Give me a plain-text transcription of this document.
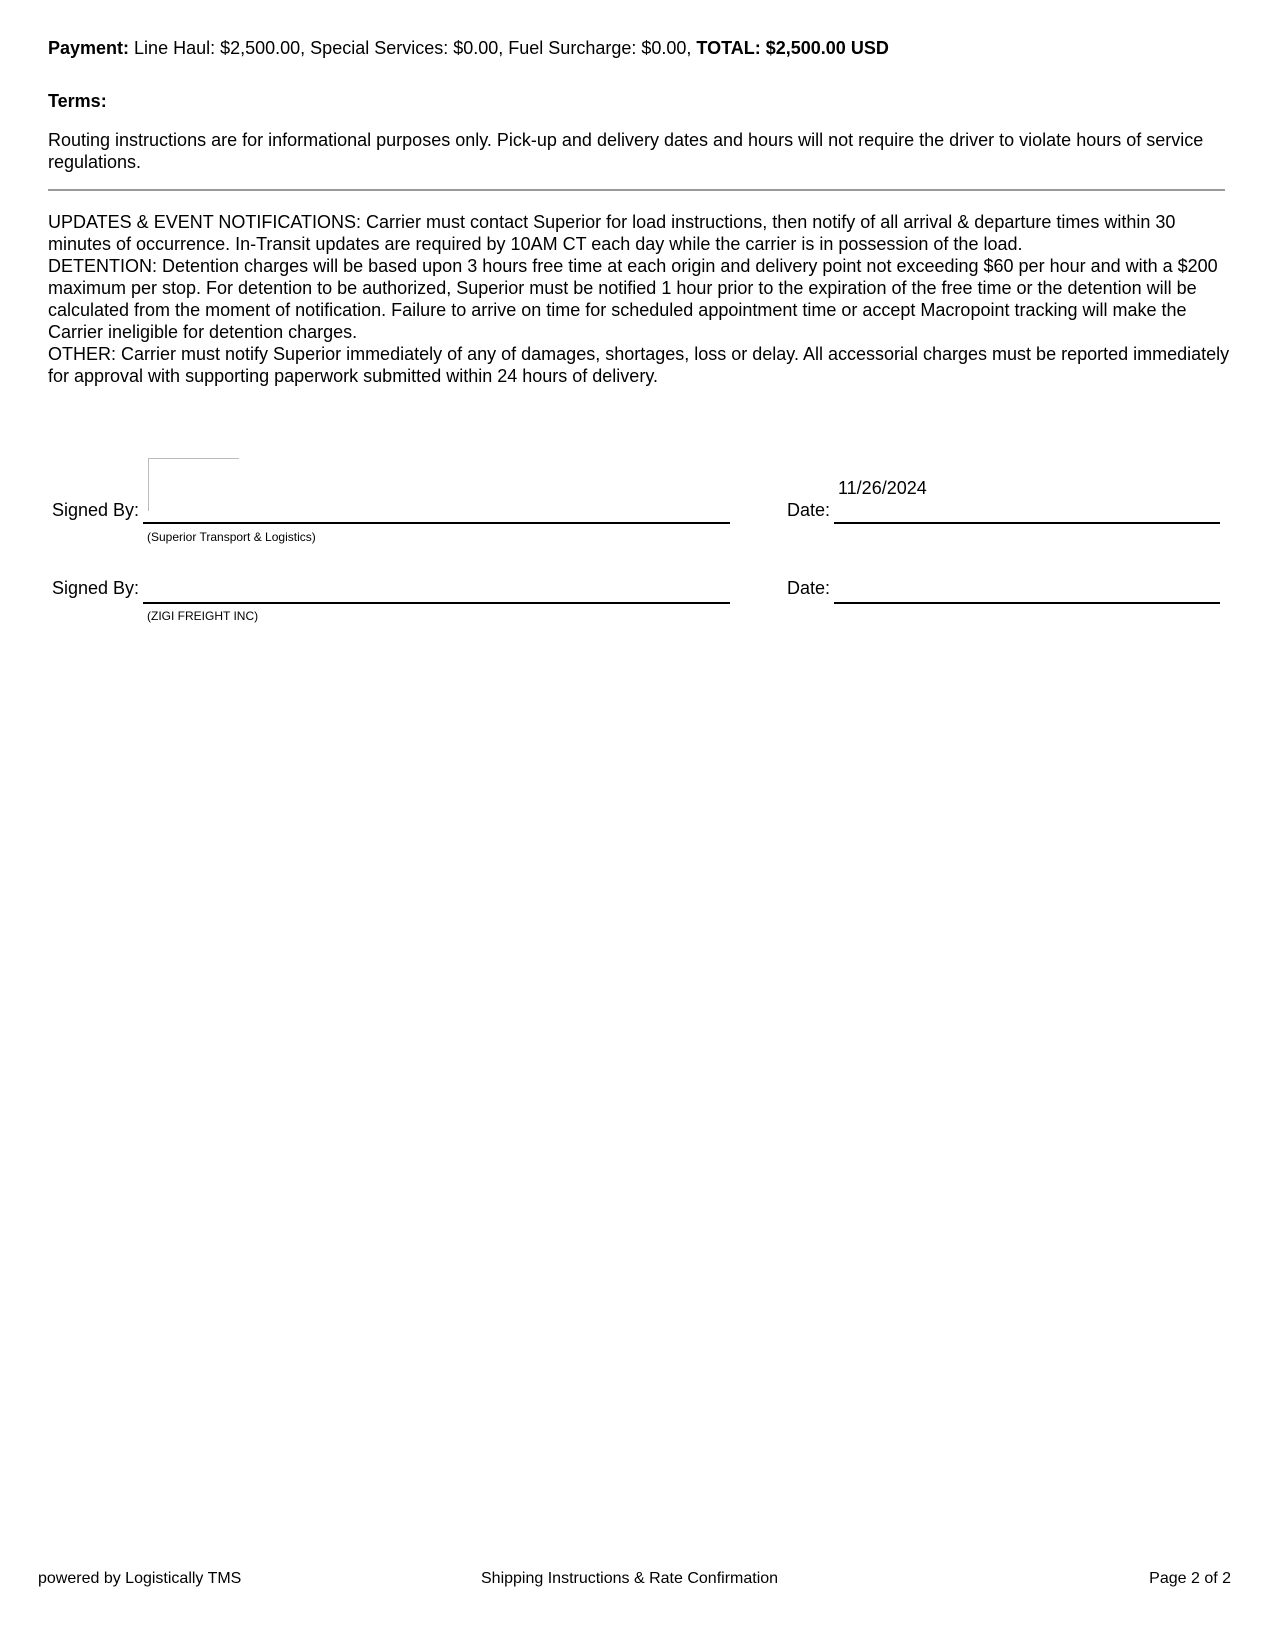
Payment: Line Haul: $2,500.00, Special Services: $0.00, Fuel Surcharge: $0.00, TOTAL: $2,500.00 USD
Terms:
Routing instructions are for informational purposes only. Pick-up and delivery dates and hours will not require the driver to violate hours of service regulations.

UPDATES & EVENT NOTIFICATIONS: Carrier must contact Superior for load instructions, then notify of all arrival & departure times within 30 minutes of occurrence. In-Transit updates are required by 10AM CT each day while the carrier is in possession of the load.

DETENTION: Detention charges will be based upon 3 hours free time at each origin and delivery point not exceeding $60 per hour and with a $200 maximum per stop. For detention to be authorized, Superior must be notified 1 hour prior to the expiration of the free time or the detention will be calculated from the moment of notification. Failure to arrive on time for scheduled appointment time or accept Macropoint tracking will make the Carrier ineligible for detention charges.

OTHER: Carrier must notify Superior immediately of any of damages, shortages, loss or delay. All accessorial charges must be reported immediately for approval with supporting paperwork submitted within 24 hours of delivery.

Signed By:
(Superior Transport & Logistics)
Date:
11/26/2024
Signed By:
(ZIGI FREIGHT INC)
Date:
powered by Logistically TMS	Shipping Instructions & Rate Confirmation	Page 2 of 2
